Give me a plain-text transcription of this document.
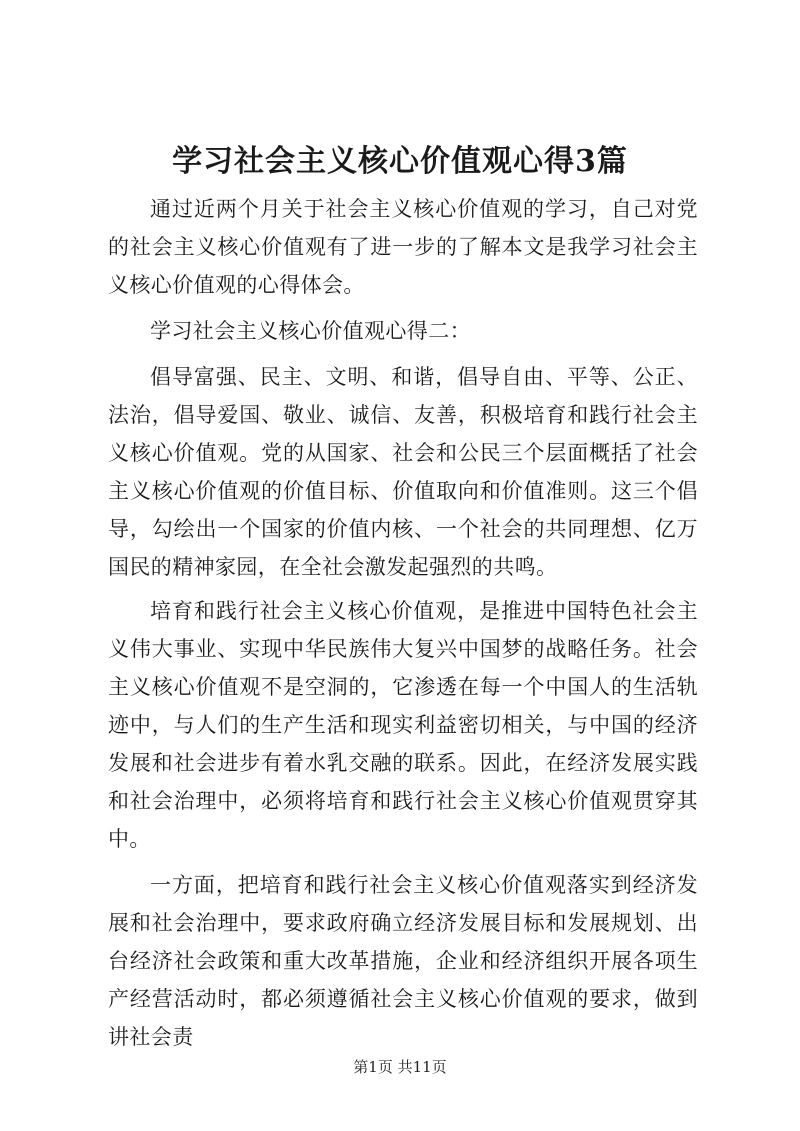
学习社会主义核心价值观心得3篇

通过近两个月关于社会主义核心价值观的学习，自己对党的社会主义核心价值观有了进一步的了解本文是我学习社会主义核心价值观的心得体会。

学习社会主义核心价值观心得二：

倡导富强、民主、文明、和谐，倡导自由、平等、公正、法治，倡导爱国、敬业、诚信、友善，积极培育和践行社会主义核心价值观。党的从国家、社会和公民三个层面概括了社会主义核心价值观的价值目标、价值取向和价值准则。这三个倡导，勾绘出一个国家的价值内核、一个社会的共同理想、亿万国民的精神家园，在全社会激发起强烈的共鸣。

培育和践行社会主义核心价值观，是推进中国特色社会主义伟大事业、实现中华民族伟大复兴中国梦的战略任务。社会主义核心价值观不是空洞的，它渗透在每一个中国人的生活轨迹中，与人们的生产生活和现实利益密切相关，与中国的经济发展和社会进步有着水乳交融的联系。因此，在经济发展实践和社会治理中，必须将培育和践行社会主义核心价值观贯穿其中。

一方面，把培育和践行社会主义核心价值观落实到经济发展和社会治理中，要求政府确立经济发展目标和发展规划、出台经济社会政策和重大改革措施，企业和经济组织开展各项生产经营活动时，都必须遵循社会主义核心价值观的要求，做到讲社会责

第1页 共11页
